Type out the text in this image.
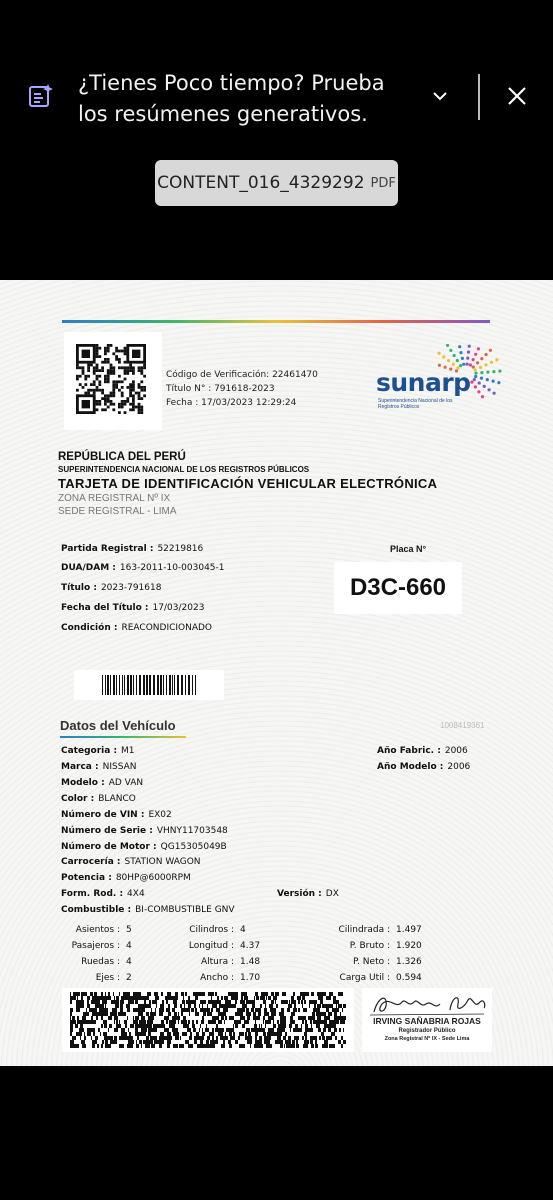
¿Tienes Poco tiempo? Prueba los resúmenes generativos.
CONTENT_016_4329292 PDF
Código de Verificación: 22461470
Título N° : 791618-2023
Fecha : 17/03/2023 12:29:24
sunarp
Superintendencia Nacional de los Registros Públicos
REPÚBLICA DEL PERÚ
SUPERINTENDENCIA NACIONAL DE LOS REGISTROS PÚBLICOS
TARJETA DE IDENTIFICACIÓN VEHICULAR ELECTRÓNICA
ZONA REGISTRAL Nº IX
SEDE REGISTRAL - LIMA
Partida Registral : 52219816
DUA/DAM : 163-2011-10-003045-1
Título : 2023-791618
Fecha del Título : 17/03/2023
Condición : REACONDICIONADO
Placa N°
D3C-660
Datos del Vehículo	1008419361
Categoria : M1
Marca : NISSAN
Modelo : AD VAN
Color : BLANCO
Número de VIN : EX02
Número de Serie : VHNY11703548
Número de Motor : QG15305049B
Carrocería : STATION WAGON
Potencia : 80HP@6000RPM
Form. Rod. : 4X4	Versión : DX
Combustible : BI-COMBUSTIBLE GNV
Año Fabric. : 2006
Año Modelo : 2006
Asientos : 5
Pasajeros : 4
Ruedas : 4
Ejes : 2
Cilindros : 4
Longitud : 4.37
Altura : 1.48
Ancho : 1.70
Cilindrada : 1.497
P. Bruto : 1.920
P. Neto : 1.326
Carga Util : 0.594
IRVING SAÑABRIA ROJAS
Registrador Público
Zona Registral Nº IX - Sede Lima
